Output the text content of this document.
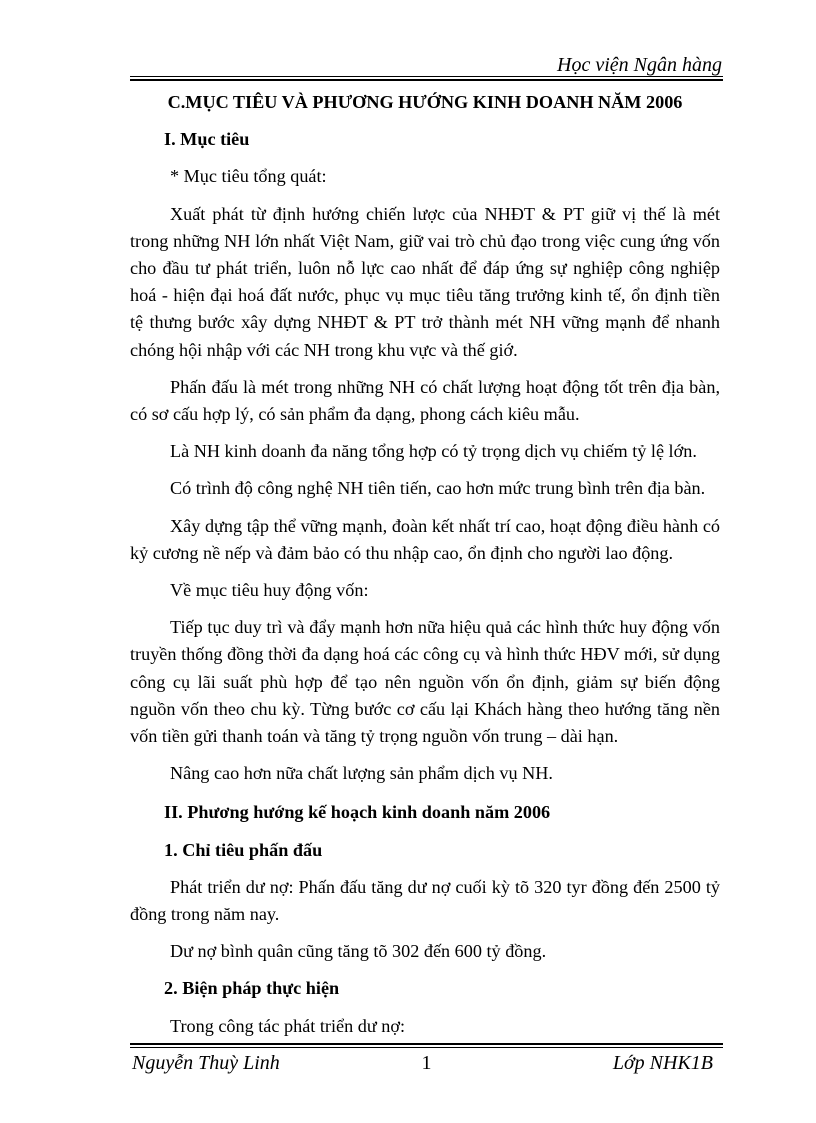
Học viện Ngân hàng

C.MỤC TIÊU VÀ PHƯƠNG HƯỚNG KINH DOANH NĂM 2006

I. Mục tiêu

* Mục tiêu tổng quát:

Xuất phát từ định hướng chiến lược của NHĐT & PT giữ vị thế là mét trong những NH lớn nhất Việt Nam, giữ vai trò chủ đạo trong việc cung ứng vốn cho đầu tư phát triển, luôn nỗ lực cao nhất để đáp ứng sự nghiệp công nghiệp hoá - hiện đại hoá đất nước, phục vụ mục tiêu tăng trưởng kinh tế, ổn định tiền tệ thưng bước xây dựng NHĐT & PT trở thành mét NH vững mạnh để nhanh chóng hội nhập với các NH trong khu vực và thế giớ.

Phấn đấu là mét trong những NH có chất lượng hoạt động tốt trên địa bàn, có sơ cấu hợp lý, có sản phẩm đa dạng, phong cách kiêu mẫu.

Là NH kinh doanh đa năng tổng hợp có tỷ trọng dịch vụ chiếm tỷ lệ lớn.

Có trình độ công nghệ NH tiên tiến, cao hơn mức trung bình trên địa bàn.

Xây dựng tập thể vững mạnh, đoàn kết nhất trí cao, hoạt động điều hành có kỷ cương nề nếp và đảm bảo có thu nhập cao, ổn định cho người lao động.

Về mục tiêu huy động vốn:

Tiếp tục duy trì và đẩy mạnh hơn nữa hiệu quả các hình thức huy động vốn truyền thống đồng thời đa dạng hoá các công cụ và hình thức HĐV mới, sử dụng công cụ lãi suất phù hợp để tạo nên nguồn vốn ổn định, giảm sự biến động nguồn vốn theo chu kỳ. Từng bước cơ cấu lại Khách hàng theo hướng tăng nền vốn tiền gửi thanh toán và tăng tỷ trọng nguồn vốn trung – dài hạn.

Nâng cao hơn nữa chất lượng sản phẩm dịch vụ NH.

II. Phương hướng kế hoạch kinh doanh năm 2006

1. Chỉ tiêu phấn đấu

Phát triển dư nợ: Phấn đấu tăng dư nợ cuối kỳ tõ 320 tyr đồng đến 2500 tỷ đồng trong năm nay.

Dư nợ bình quân cũng tăng tõ 302 đến 600 tỷ đồng.

2. Biện pháp thực hiện

Trong công tác phát triển dư nợ:

Nguyễn Thuỳ Linh	1	Lớp NHK1B
